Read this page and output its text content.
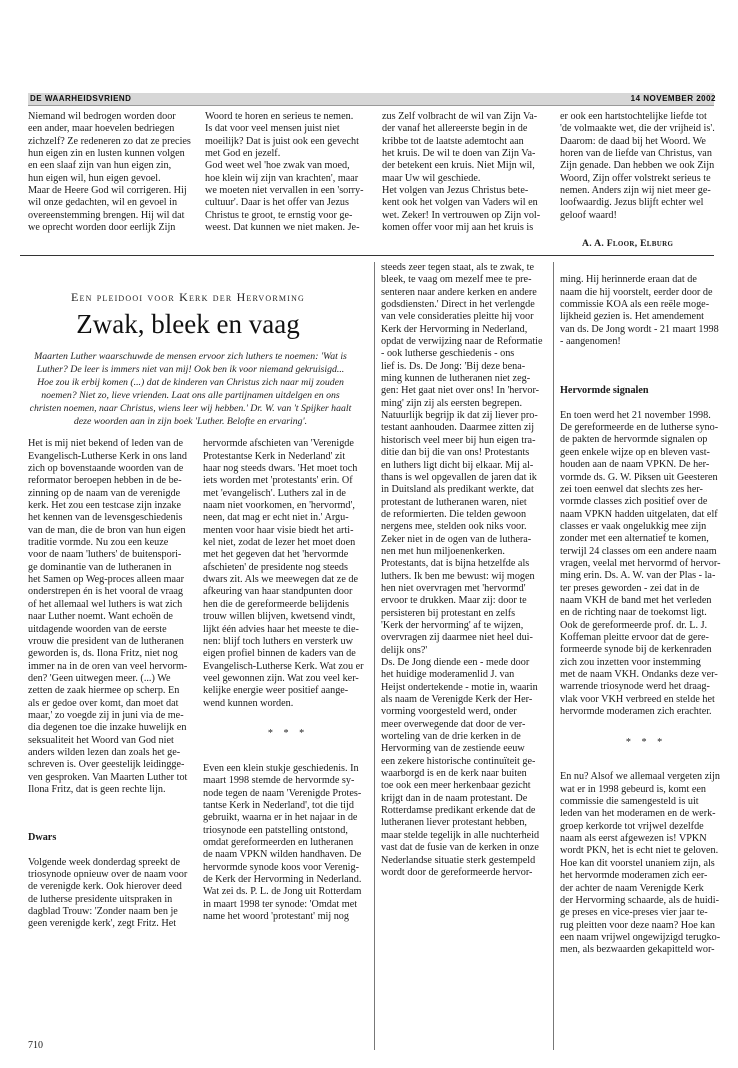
DE WAARHEIDSVRIEND	14 NOVEMBER 2002
Niemand wil bedrogen worden door
een ander, maar hoevelen bedriegen
zichzelf? Ze redeneren zo dat ze precies
hun eigen zin en lusten kunnen volgen
en een slaaf zijn van hun eigen zin,
hun eigen wil, hun eigen gevoel.
Maar de Heere God wil corrigeren. Hij
wil onze gedachten, wil en gevoel in
overeenstemming brengen. Hij wil dat
we oprecht worden door eerlijk Zijn
Woord te horen en serieus te nemen.
Is dat voor veel mensen juist niet
moeilijk? Dat is juist ook een gevecht
met God en jezelf.
God weet wel 'hoe zwak van moed,
hoe klein wij zijn van krachten', maar
we moeten niet vervallen in een 'sorry-
cultuur'. Daar is het offer van Jezus
Christus te groot, te ernstig voor ge-
weest. Dat kunnen we niet maken. Je-
zus Zelf volbracht de wil van Zijn Va-
der vanaf het allereerste begin in de
kribbe tot de laatste ademtocht aan
het kruis. De wil te doen van Zijn Va-
der betekent een kruis. Niet Mijn wil,
maar Uw wil geschiede.
Het volgen van Jezus Christus bete-
kent ook het volgen van Vaders wil en
wet. Zeker! In vertrouwen op Zijn vol-
komen offer voor mij aan het kruis is
er ook een hartstochtelijke liefde tot
'de volmaakte wet, die der vrijheid is'.
Daarom: de daad bij het Woord. We
horen van de liefde van Christus, van
Zijn genade. Dan hebben we ook Zijn
Woord, Zijn offer volstrekt serieus te
nemen. Anders zijn wij niet meer ge-
loofwaardig. Jezus blijft echter wel
geloof waard!
A. A. Floor, Elburg
Een pleidooi voor Kerk der Hervorming
Zwak, bleek en vaag
Maarten Luther waarschuwde de mensen ervoor zich luthers te noemen: 'Wat is Luther? De leer is immers niet van mij! Ook ben ik voor niemand gekruisigd... Hoe zou ik erbij komen (...) dat de kinderen van Christus zich naar mij zouden noemen? Niet zo, lieve vrienden. Laat ons alle partijnamen uitdelgen en ons christen noemen, naar Christus, wiens leer wij hebben.' Dr. W. van 't Spijker haalt deze woorden aan in zijn boek 'Luther. Belofte en ervaring'.

Het is mij niet bekend of leden van de
Evangelisch-Lutherse Kerk in ons land
zich op bovenstaande woorden van de
reformator beroepen hebben in de be-
zinning op de naam van de verenigde
kerk. Het zou een testcase zijn inzake
het kennen van de levensgeschiedenis
van de man, die de bron van hun eigen
traditie vormde. Nu zou een keuze
voor de naam 'luthers' de buitenspori-
ge dominantie van de lutheranen in
het Samen op Weg-proces alleen maar
onderstrepen én is het vooral de vraag
of het allemaal wel luthers is wat zich
naar Luther noemt. Want echoën de
uitdagende woorden van de eerste
vrouw die president van de lutheranen
geworden is, ds. Ilona Fritz, niet nog
immer na in de oren van veel hervorm-
den? 'Geen uitwegen meer. (...) We
zetten de zaak hiermee op scherp. En
als er gedoe over komt, dan moet dat
maar,' zo voegde zij in juni via de me-
dia degenen toe die inzake huwelijk en
seksualiteit het Woord van God niet
anders wilden lezen dan zoals het ge-
schreven is. Over geestelijk leidingge-
ven gesproken. Van Maarten Luther tot
Ilona Fritz, dat is geen rechte lijn.

Dwars

Volgende week donderdag spreekt de
triosynode opnieuw over de naam voor
de verenigde kerk. Ook hierover deed
de lutherse presidente uitspraken in
dagblad Trouw: 'Zonder naam ben je
geen verenigde kerk', zegt Fritz. Het

hervormde afschieten van 'Verenigde
Protestantse Kerk in Nederland' zit
haar nog steeds dwars. 'Het moet toch
iets worden met 'protestants' erin. Of
met 'evangelisch'. Luthers zal in de
naam niet voorkomen, en 'hervormd',
neen, dat mag er echt niet in.' Argu-
menten voor haar visie biedt het arti-
kel niet, zodat de lezer het moet doen
met het gegeven dat het 'hervormde
afschieten' de presidente nog steeds
dwars zit. Als we meewegen dat ze de
afkeuring van haar standpunten door
hen die de gereformeerde belijdenis
trouw willen blijven, kwetsend vindt,
lijkt één advies haar het meeste te die-
nen: blijf toch luthers en versterk uw
eigen profiel binnen de kaders van de
Evangelisch-Lutherse Kerk. Wat zou er
veel gewonnen zijn. Wat zou veel ker-
kelijke energie weer positief aange-
wend kunnen worden.

* * *

Even een klein stukje geschiedenis. In
maart 1998 stemde de hervormde sy-
node tegen de naam 'Verenigde Protes-
tantse Kerk in Nederland', tot die tijd
gebruikt, waarna er in het najaar in de
triosynode een patstelling ontstond,
omdat gereformeerden en lutheranen
de naam VPKN wilden handhaven. De
hervormde synode koos voor Verenig-
de Kerk der Hervorming in Nederland.
Wat zei ds. P. L. de Jong uit Rotterdam
in maart 1998 ter synode: 'Omdat met
name het woord 'protestant' mij nog

steeds zeer tegen staat, als te zwak, te
bleek, te vaag om mezelf mee te pre-
senteren naar andere kerken en andere
godsdiensten.' Direct in het verlengde
van vele consideraties pleitte hij voor
Kerk der Hervorming in Nederland,
opdat de verwijzing naar de Reformatie
- ook lutherse geschiedenis - ons
lief is. Ds. De Jong: 'Bij deze bena-
ming kunnen de lutheranen niet zeg-
gen: Het gaat niet over ons! In 'hervor-
ming' zijn zij als eersten begrepen.
Natuurlijk begrijp ik dat zij liever pro-
testant aanhouden. Daarmee zitten zij
historisch veel meer bij hun eigen tra-
ditie dan bij die van ons! Protestants
en luthers ligt dicht bij elkaar. Mij al-
thans is wel opgevallen de jaren dat ik
in Duitsland als predikant werkte, dat
protestant de lutheranen waren, niet
de reformierten. Die telden gewoon
nergens mee, stelden ook niks voor.
Zeker niet in de ogen van de luthera-
nen met hun miljoenenkerken.
Protestants, dat is bijna hetzelfde als
luthers. Ik ben me bewust: wij mogen
hen niet overvragen met 'hervormd'
ervoor te drukken. Maar zij: door te
persisteren bij protestant en zelfs
'Kerk der hervorming' af te wijzen,
overvragen zij daarmee niet heel dui-
delijk ons?'
Ds. De Jong diende een - mede door
het huidige moderamenlid J. van
Heijst ondertekende - motie in, waarin
als naam de Verenigde Kerk der Her-
vorming voorgesteld werd, onder
meer overwegende dat door de ver-
worteling van de drie kerken in de
Hervorming van de zestiende eeuw
een zekere historische continuïteit ge-
waarborgd is en de kerk naar buiten
toe ook een meer herkenbaar gezicht
krijgt dan in de naam protestant. De
Rotterdamse predikant erkende dat de
lutheranen liever protestant hebben,
maar stelde tegelijk in alle nuchterheid
vast dat de fusie van de kerken in onze
Nederlandse situatie sterk gestempeld
wordt door de gereformeerde hervor-

ming. Hij herinnerde eraan dat de
naam die hij voorstelt, eerder door de
commissie KOA als een reële moge-
lijkheid gezien is. Het amendement
van ds. De Jong wordt - 21 maart 1998
- aangenomen!

Hervormde signalen

En toen werd het 21 november 1998.
De gereformeerde en de lutherse syno-
de pakten de hervormde signalen op
geen enkele wijze op en bleven vast-
houden aan de naam VPKN. De her-
vormde ds. G. W. Piksen uit Geesteren
zei toen eenwel dat slechts zes her-
vormde classes zich positief over de
naam VPKN hadden uitgelaten, dat elf
classes er vaak ongelukkig mee zijn
zonder met een alternatief te komen,
terwijl 24 classes om een andere naam
vragen, veelal met hervormd of hervor-
ming erin. Ds. A. W. van der Plas - la-
ter preses geworden - zei dat in de
naam VKH de band met het verleden
en de richting naar de toekomst ligt.
Ook de gereformeerde prof. dr. L. J.
Koffeman pleitte ervoor dat de gere-
formeerde synode bij de kerkenraden
zich zou inzetten voor instemming
met de naam VKH. Ondanks deze ver-
warrende triosynode werd het draag-
vlak voor VKH verbreed en stelde het
hervormde moderamen zich erachter.

* * *

En nu? Alsof we allemaal vergeten zijn
wat er in 1998 gebeurd is, komt een
commissie die samengesteld is uit
leden van het moderamen en de werk-
groep kerkorde tot vrijwel dezelfde
naam als eerst afgewezen is! VPKN
wordt PKN, het is echt niet te geloven.
Hoe kan dit voorstel unaniem zijn, als
het hervormde moderamen zich eer-
der achter de naam Verenigde Kerk
der Hervorming schaarde, als de huidi-
ge preses en vice-preses vier jaar te-
rug pleitten voor deze naam? Hoe kan
een naam vrijwel ongewijzigd terugko-
men, als bezwaarden gekapitteld wor-

710
